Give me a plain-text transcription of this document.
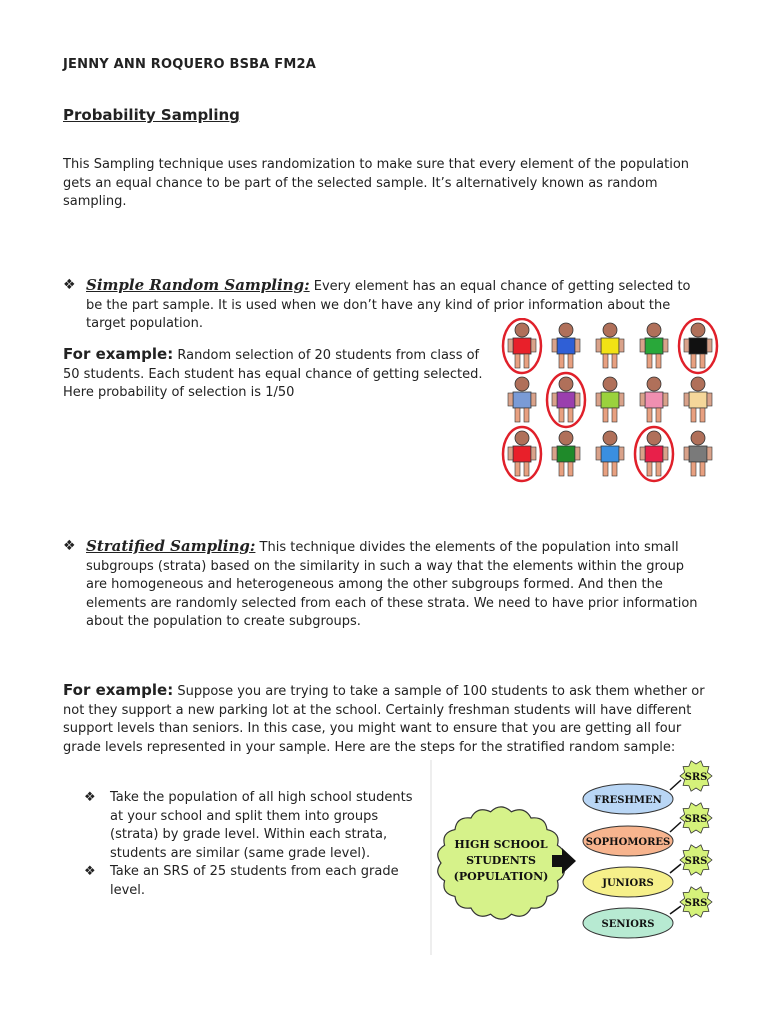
JENNY ANN ROQUERO BSBA FM2A
Probability Sampling
This Sampling technique uses randomization to make sure that every element of the population gets an equal chance to be part of the selected sample. It’s alternatively known as random sampling.
❖ Simple Random Sampling: Every element has an equal chance of getting selected to be the part sample. It is used when we don’t have any kind of prior information about the target population.
For example: Random selection of 20 students from class of 50 students. Each student has equal chance of getting selected. Here probability of selection is 1/50
❖ Stratified Sampling: This technique divides the elements of the population into small subgroups (strata) based on the similarity in such a way that the elements within the group are homogeneous and heterogeneous among the other subgroups formed. And then the elements are randomly selected from each of these strata. We need to have prior information about the population to create subgroups.
For example: Suppose you are trying to take a sample of 100 students to ask them whether or not they support a new parking lot at the school. Certainly freshman students will have different support levels than seniors. In this case, you might want to ensure that you are getting all four grade levels represented in your sample. Here are the steps for the stratified random sample:
❖ Take the population of all high school students at your school and split them into groups (strata) by grade level. Within each strata, students are similar (same grade level).
❖ Take an SRS of 25 students from each grade level.
HIGH SCHOOL
STUDENTS
(POPULATION)
FRESHMEN
SRS
SOPHOMORES
SRS
JUNIORS
SRS
SENIORS
SRS
